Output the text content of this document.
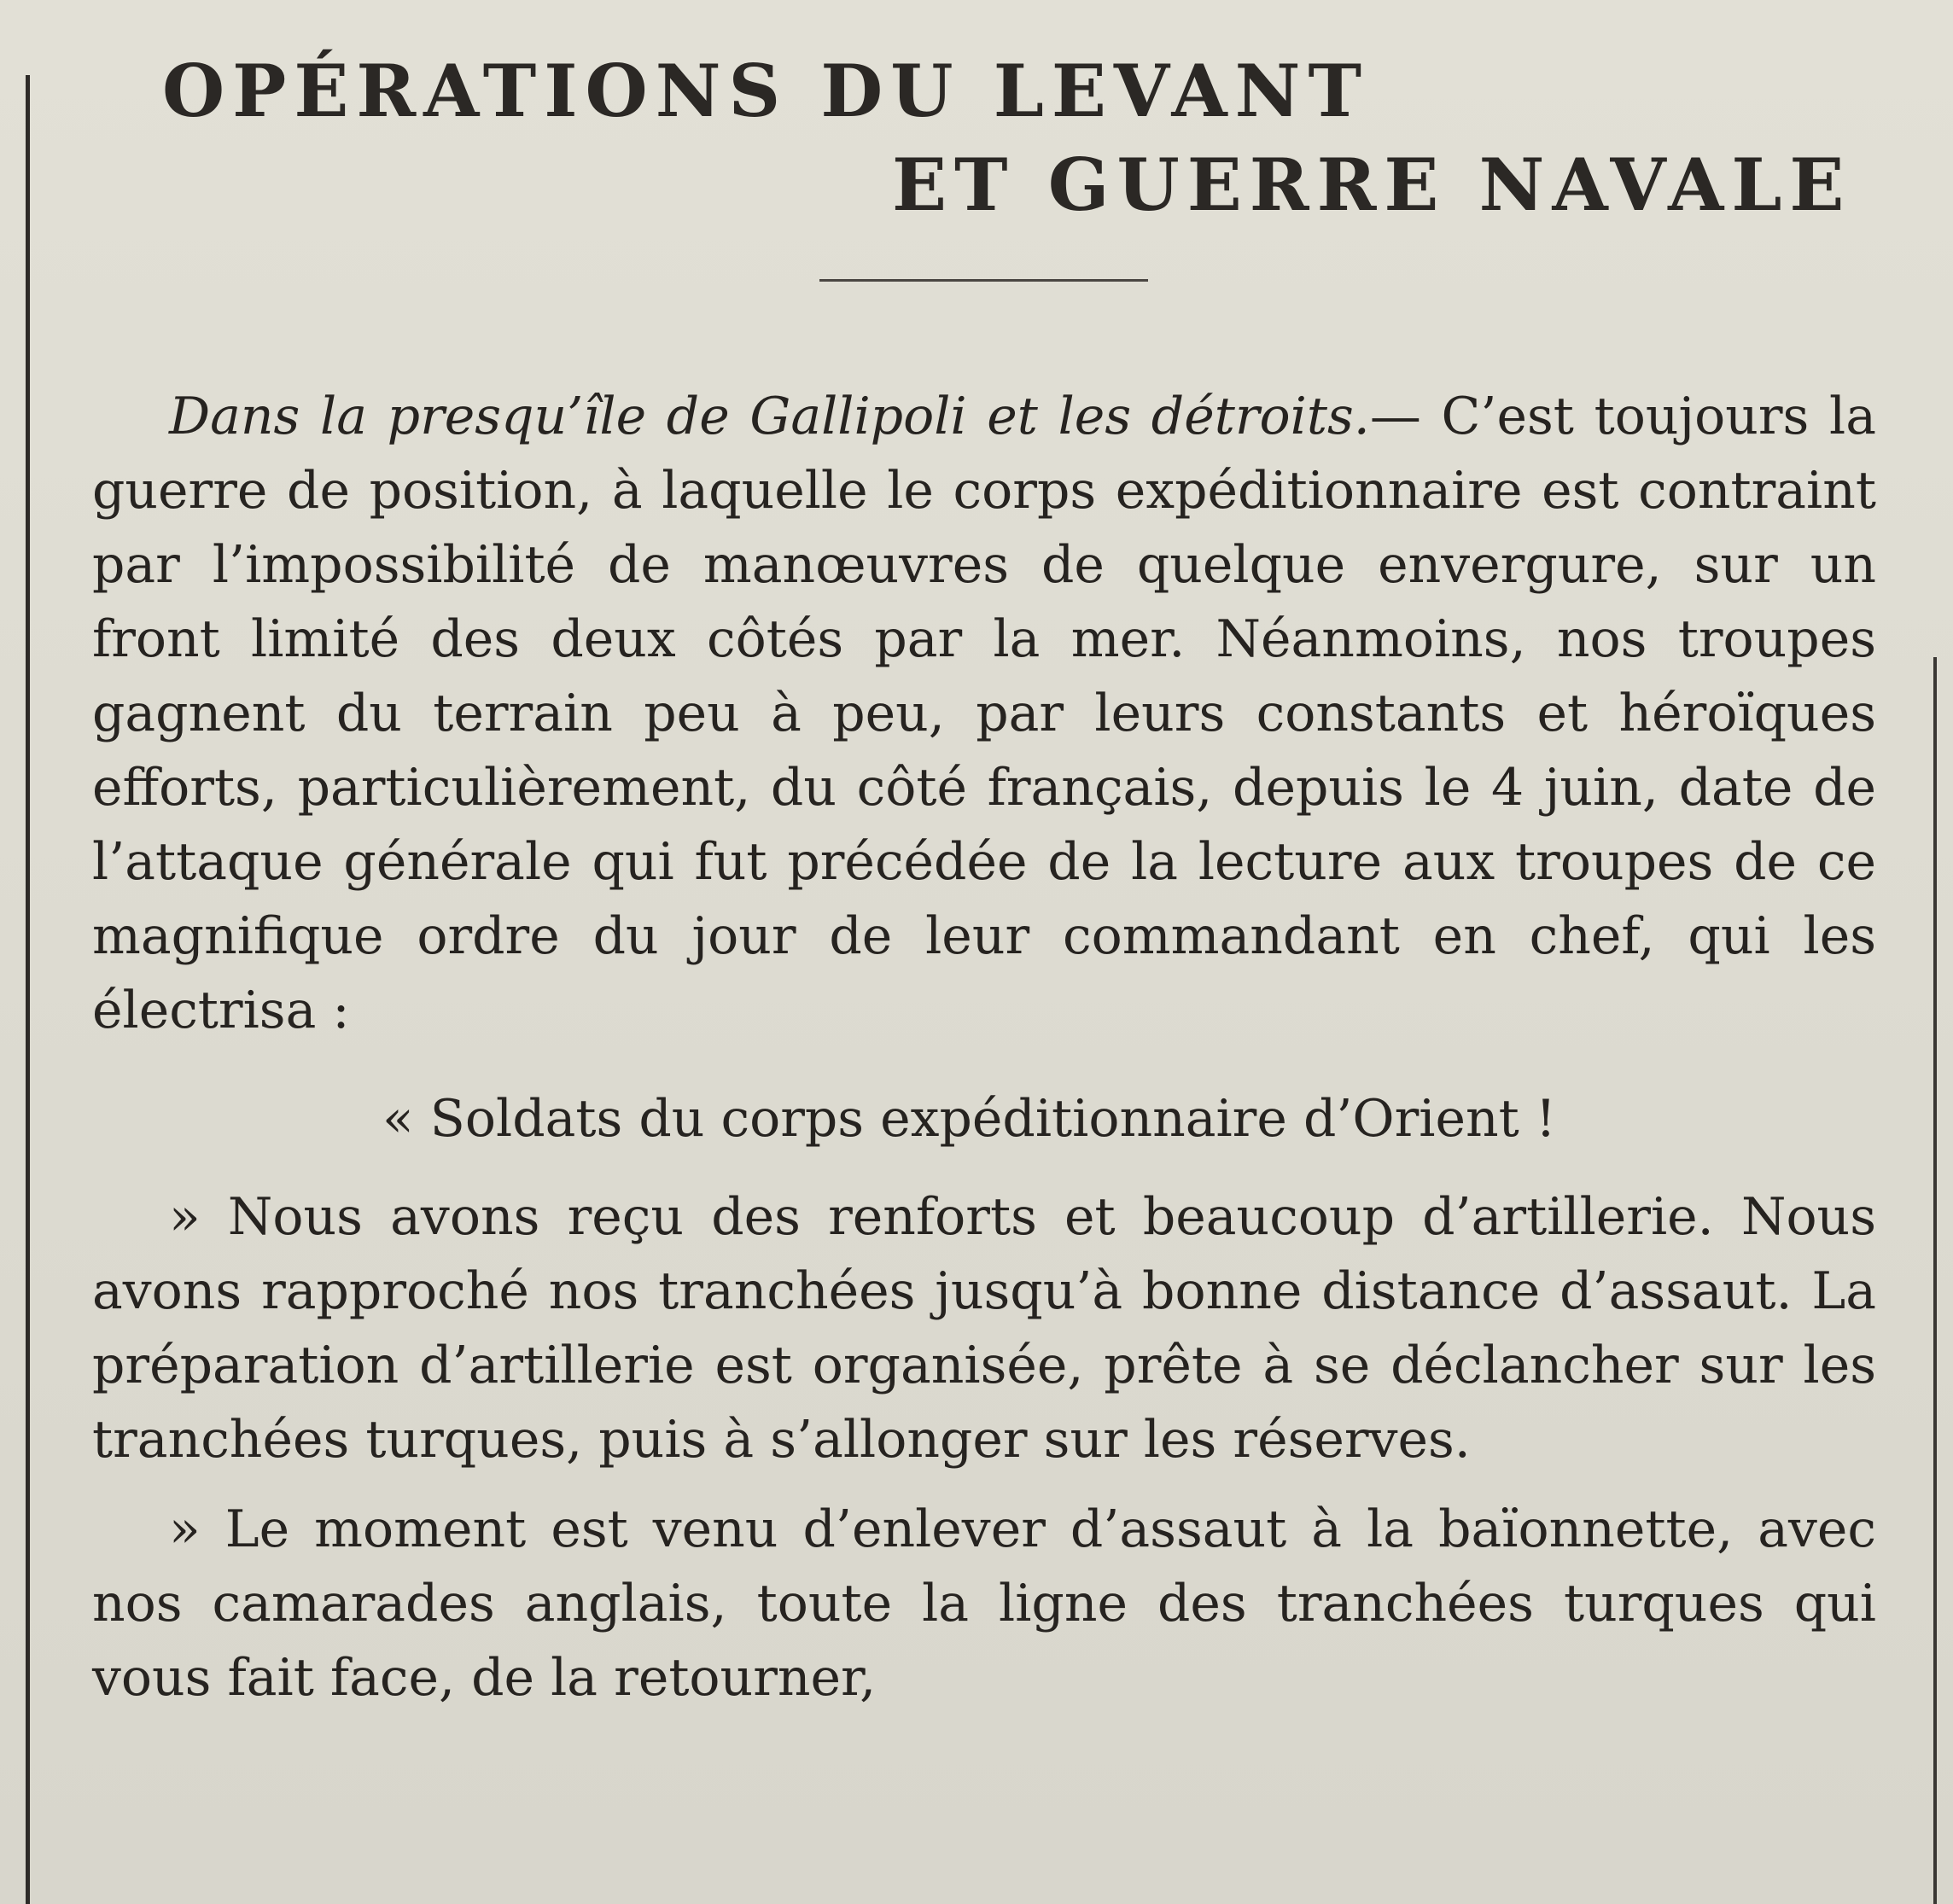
OPÉRATIONS DU LEVANT
ET GUERRE NAVALE

Dans la presqu’île de Gallipoli et les détroits.— C’est toujours la guerre de position, à laquelle le corps expéditionnaire est contraint par l’impossibilité de manœuvres de quelque envergure, sur un front limité des deux côtés par la mer. Néanmoins, nos troupes gagnent du terrain peu à peu, par leurs constants et héroïques efforts, particulièrement, du côté français, depuis le 4 juin, date de l’attaque générale qui fut précédée de la lecture aux troupes de ce magnifique ordre du jour de leur commandant en chef, qui les électrisa :

« Soldats du corps expéditionnaire d’Orient !

» Nous avons reçu des renforts et beaucoup d’artillerie. Nous avons rapproché nos tranchées jusqu’à bonne distance d’assaut. La préparation d’artillerie est organisée, prête à se déclancher sur les tranchées turques, puis à s’allonger sur les réserves.

» Le moment est venu d’enlever d’assaut à la baïonnette, avec nos camarades anglais, toute la ligne des tranchées turques qui vous fait face, de la retourner,
